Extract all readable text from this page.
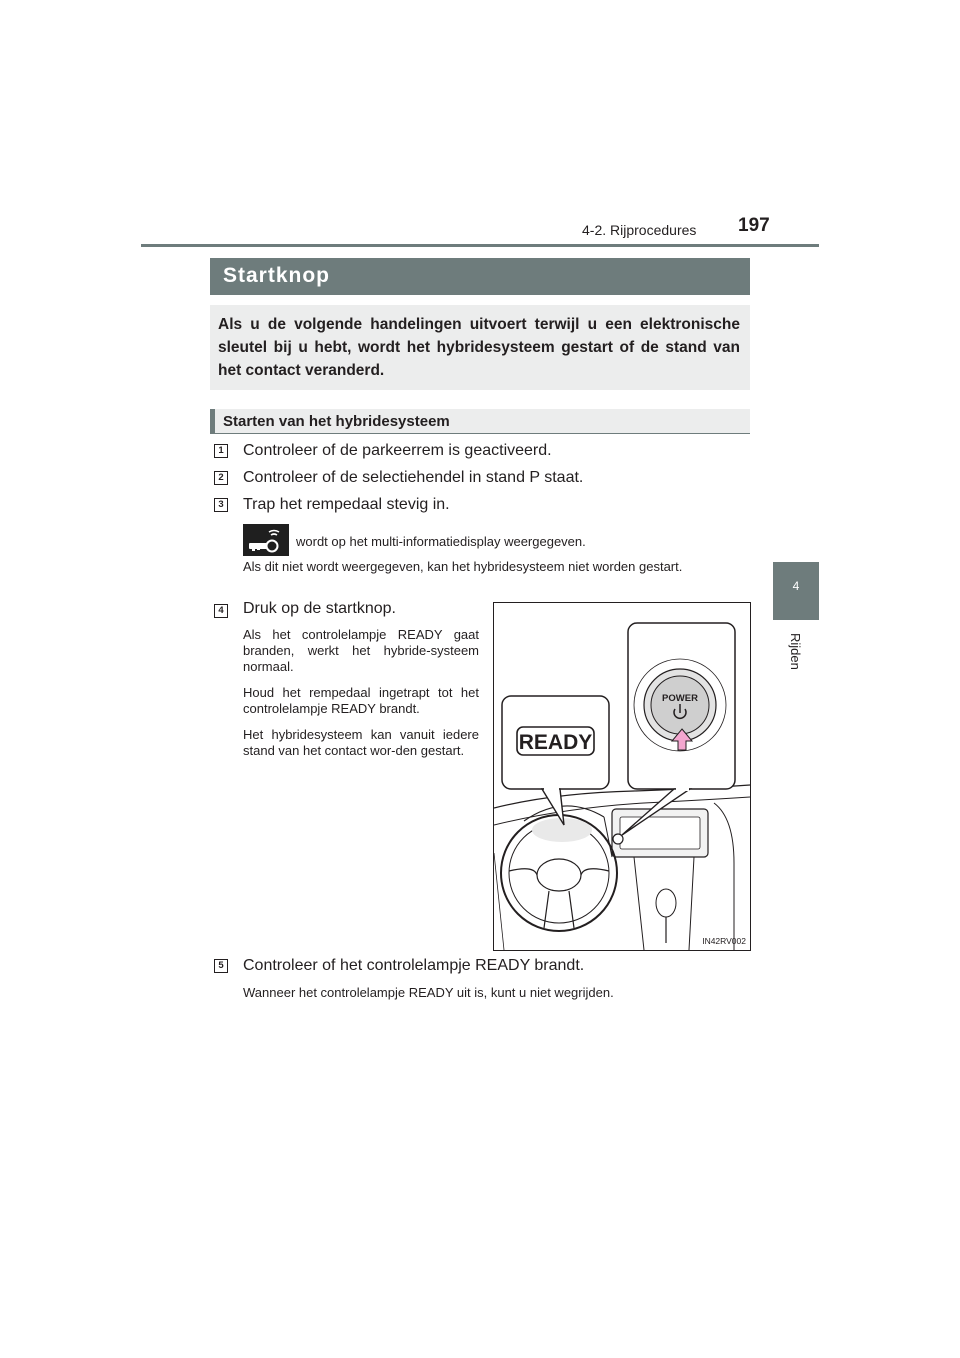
4-2. Rijprocedures 197
4
Rijden
Startknop
Als u de volgende handelingen uitvoert terwijl u een elektronische sleutel bij u hebt, wordt het hybridesysteem gestart of de stand van het contact veranderd.
Starten van het hybridesysteem
1 Controleer of de parkeerrem is geactiveerd.
2 Controleer of de selectiehendel in stand P staat.
3 Trap het rempedaal stevig in.
wordt op het multi-informatiedisplay weergegeven.
Als dit niet wordt weergegeven, kan het hybridesysteem niet worden gestart.
4 Druk op de startknop.
Als het controlelampje READY gaat branden, werkt het hybride-systeem normaal.
Houd het rempedaal ingetrapt tot het controlelampje READY brandt.
Het hybridesysteem kan vanuit iedere stand van het contact wor-den gestart.	READY
POWER
IN42RV002
5 Controleer of het controlelampje READY brandt.
Wanneer het controlelampje READY uit is, kunt u niet wegrijden.
